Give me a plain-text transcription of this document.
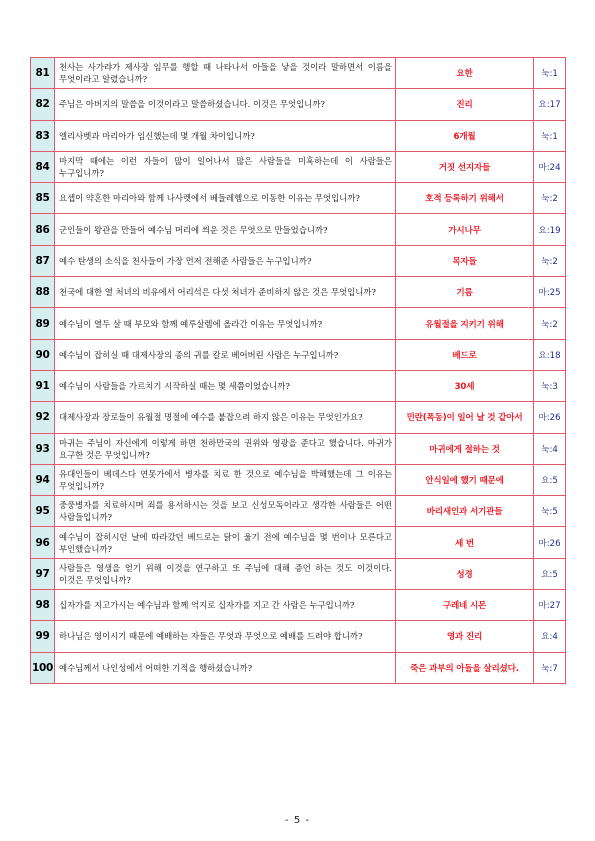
81	천사는 사가랴가 제사장 임무를 행할 때 나타나서 아들을 낳을 것이라 말하면서 이름을 무엇이라고 알렸습니까?	요한	눅:1
82	주님은 아버지의 말씀을 이것이라고 말씀하셨습니다. 이것은 무엇입니까?	진리	요:17
83	엘리사벳과 마리아가 임신했는데 몇 개월 차이입니까?	6개월	눅:1
84	마지막 때에는 이런 자들이 많이 일어나서 많은 사람들을 미혹하는데 이 사람들은 누구입니까?	거짓 선지자들	마:24
85	요셉이 약혼한 마리아와 함께 나사렛에서 베들레헴으로 이동한 이유는 무엇입니까?	호적 등록하기 위해서	눅:2
86	군인들이 왕관을 만들어 예수님 머리에 씌운 것은 무엇으로 만들었습니까?	가시나무	요:19
87	예수 탄생의 소식을 천사들이 가장 먼저 전해준 사람들은 누구입니까?	목자들	눅:2
88	천국에 대한 열 처녀의 비유에서 어리석은 다섯 처녀가 준비하지 않은 것은 무엇입니까?	기름	마:25
89	예수님이 열두 살 때 부모와 함께 예루살렘에 올라간 이유는 무엇입니까?	유월절을 지키기 위해	눅:2
90	예수님이 잡히실 때 대제사장의 종의 귀를 칼로 베어버린 사람은 누구입니까?	베드로	요:18
91	예수님이 사람들을 가르치기 시작하실 때는 몇 세쯤이었습니까?	30세	눅:3
92	대제사장과 장로들이 유월절 명절에 예수를 붙잡으려 하지 않은 이유는 무엇인가요?	민란(폭동)이 일어 날 것 같아서	마:26
93	마귀는 주님이 자신에게 이렇게 하면 천하만국의 권위와 영광을 준다고 했습니다. 마귀가 요구한 것은 무엇입니까?	마귀에게 절하는 것	눅:4
94	유대인들이 베데스다 연못가에서 병자를 치료 한 것으로 예수님을 박해했는데 그 이유는 무엇입니까?	안식일에 했기 때문에	요:5
95	중풍병자를 치료하시며 죄를 용서하시는 것을 보고 신성모독이라고 생각한 사람들은 어떤 사람들입니까?	바리새인과 서기관들	눅:5
96	예수님이 잡히시던 날에 따라갔던 베드로는 닭이 울기 전에 예수님을 몇 번이나 모른다고 부인했습니까?	세 번	마:26
97	사람들은 영생을 얻기 위해 이것을 연구하고 또 주님에 대해 증언 하는 것도 이것이다. 이것은 무엇입니까?	성경	요:5
98	십자가를 지고가시는 예수님과 함께 억지로 십자가를 지고 간 사람은 누구입니까?	구레네 시몬	마:27
99	하나님은 영이시기 때문에 예배하는 자들은 무엇과 무엇으로 예배를 드려야 합니까?	영과 진리	요:4
100	예수님께서 나인성에서 어떠한 기적을 행하셨습니까?	죽은 과부의 아들을 살리셨다.	눅:7
- 5 -
